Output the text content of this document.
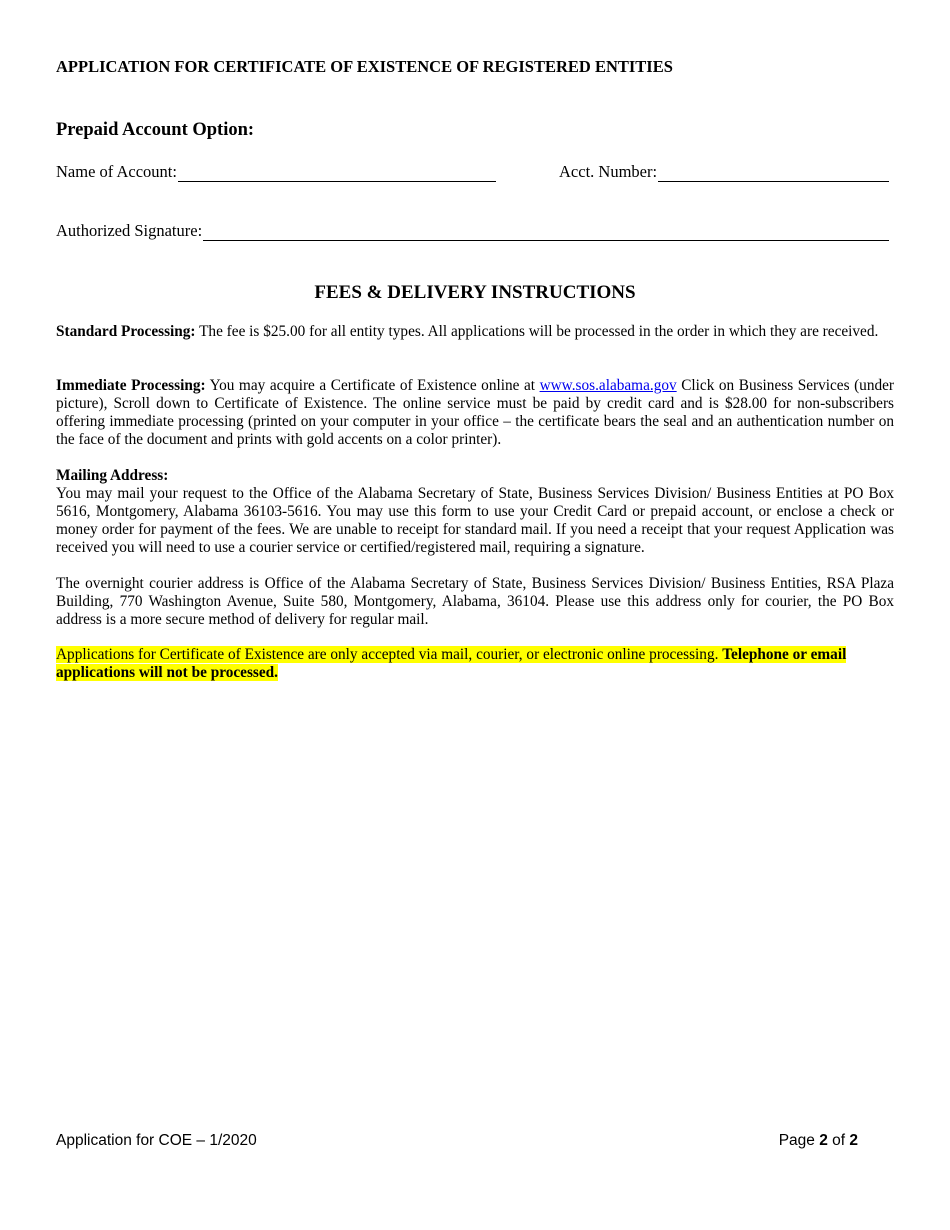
APPLICATION FOR CERTIFICATE OF EXISTENCE OF REGISTERED ENTITIES
Prepaid Account Option:
Name of Account:	Acct. Number:
Authorized Signature:
FEES & DELIVERY INSTRUCTIONS
Standard Processing: The fee is $25.00 for all entity types. All applications will be processed in the order in which they are received.
Immediate Processing: You may acquire a Certificate of Existence online at www.sos.alabama.gov Click on Business Services (under picture), Scroll down to Certificate of Existence. The online service must be paid by credit card and is $28.00 for non-subscribers offering immediate processing (printed on your computer in your office – the certificate bears the seal and an authentication number on the face of the document and prints with gold accents on a color printer).
Mailing Address:
You may mail your request to the Office of the Alabama Secretary of State, Business Services Division/ Business Entities at PO Box 5616, Montgomery, Alabama 36103-5616. You may use this form to use your Credit Card or prepaid account, or enclose a check or money order for payment of the fees. We are unable to receipt for standard mail. If you need a receipt that your request Application was received you will need to use a courier service or certified/registered mail, requiring a signature.
The overnight courier address is Office of the Alabama Secretary of State, Business Services Division/ Business Entities, RSA Plaza Building, 770 Washington Avenue, Suite 580, Montgomery, Alabama, 36104. Please use this address only for courier, the PO Box address is a more secure method of delivery for regular mail.
Applications for Certificate of Existence are only accepted via mail, courier, or electronic online processing. Telephone or email applications will not be processed.
Application for COE – 1/2020	Page 2 of 2
